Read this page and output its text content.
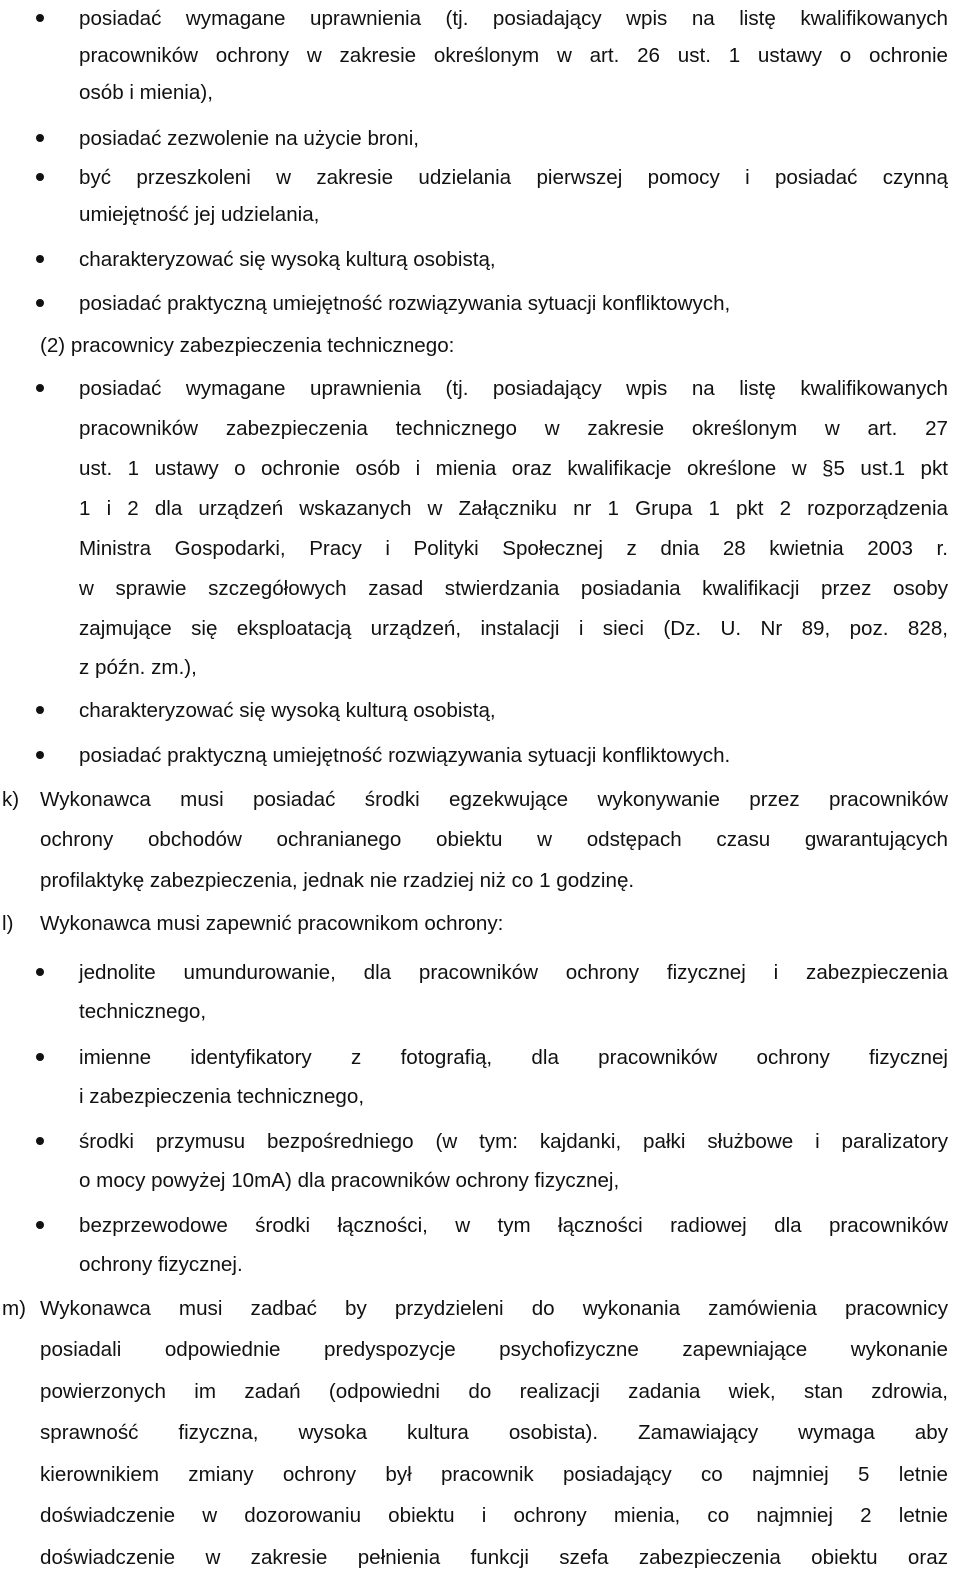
posiadać wymagane uprawnienia (tj. posiadający wpis na listę kwalifikowanych
pracowników ochrony w zakresie określonym w art. 26 ust. 1 ustawy o ochronie
osób i mienia),
posiadać zezwolenie na użycie broni,
być przeszkoleni w zakresie udzielania pierwszej pomocy i posiadać czynną
umiejętność jej udzielania,
charakteryzować się wysoką kulturą osobistą,
posiadać praktyczną umiejętność rozwiązywania sytuacji konfliktowych,
(2) pracownicy zabezpieczenia technicznego:
posiadać wymagane uprawnienia (tj. posiadający wpis na listę kwalifikowanych
pracowników zabezpieczenia technicznego w zakresie określonym w art. 27
ust. 1 ustawy o ochronie osób i mienia oraz kwalifikacje określone w §5 ust.1 pkt
1 i 2 dla urządzeń wskazanych w Załączniku nr 1 Grupa 1 pkt 2 rozporządzenia
Ministra Gospodarki, Pracy i Polityki Społecznej z dnia 28 kwietnia 2003 r.
w sprawie szczegółowych zasad stwierdzania posiadania kwalifikacji przez osoby
zajmujące się eksploatacją urządzeń, instalacji i sieci (Dz. U. Nr 89, poz. 828,
z późn. zm.),
charakteryzować się wysoką kulturą osobistą,
posiadać praktyczną umiejętność rozwiązywania sytuacji konfliktowych.
k) Wykonawca musi posiadać środki egzekwujące wykonywanie przez pracowników
ochrony obchodów ochranianego obiektu w odstępach czasu gwarantujących
profilaktykę zabezpieczenia, jednak nie rzadziej niż co 1 godzinę.
l) Wykonawca musi zapewnić pracownikom ochrony:
jednolite umundurowanie, dla pracowników ochrony fizycznej i zabezpieczenia
technicznego,
imienne identyfikatory z fotografią, dla pracowników ochrony fizycznej
i zabezpieczenia technicznego,
środki przymusu bezpośredniego (w tym: kajdanki, pałki służbowe i paralizatory
o mocy powyżej 10mA) dla pracowników ochrony fizycznej,
bezprzewodowe środki łączności, w tym łączności radiowej dla pracowników
ochrony fizycznej.
m) Wykonawca musi zadbać by przydzieleni do wykonania zamówienia pracownicy
posiadali odpowiednie predyspozycje psychofizyczne zapewniające wykonanie
powierzonych im zadań (odpowiedni do realizacji zadania wiek, stan zdrowia,
sprawność fizyczna, wysoka kultura osobista). Zamawiający wymaga aby
kierownikiem zmiany ochrony był pracownik posiadający co najmniej 5 letnie
doświadczenie w dozorowaniu obiektu i ochrony mienia, co najmniej 2 letnie
doświadczenie w zakresie pełnienia funkcji szefa zabezpieczenia obiektu oraz
